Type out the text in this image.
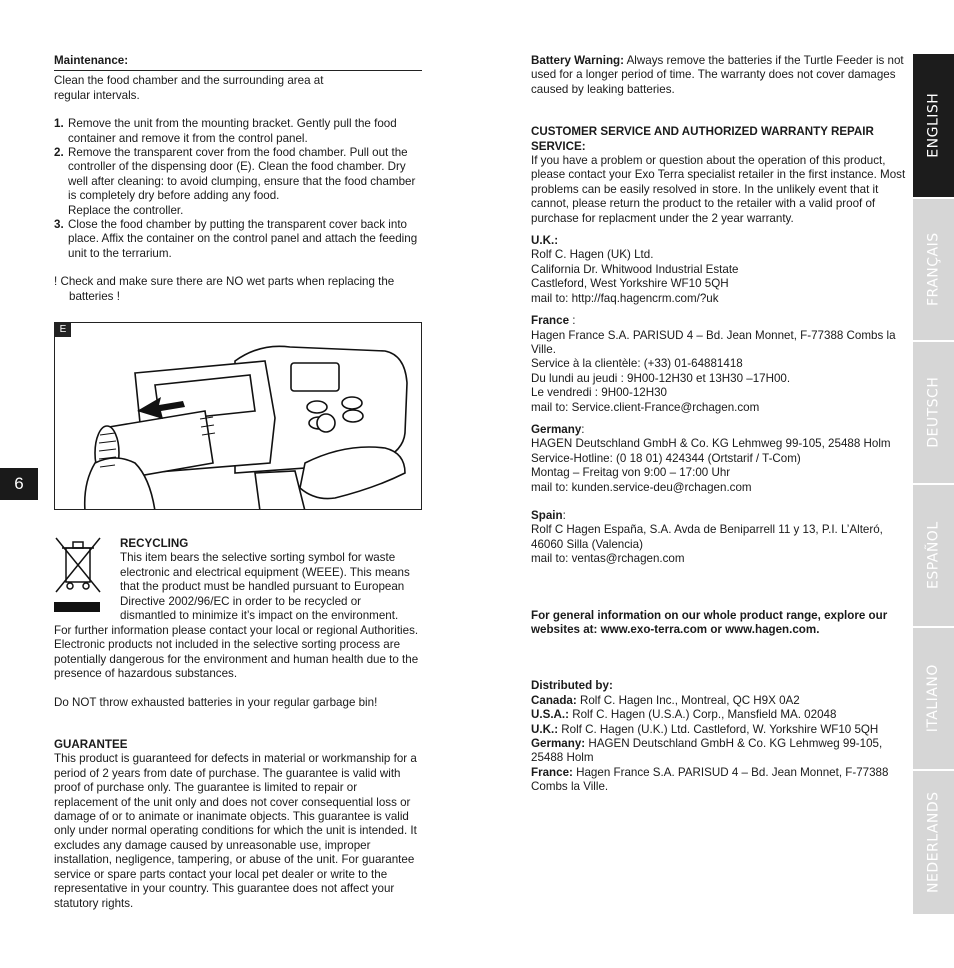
Maintenance:

Clean the food chamber and the surrounding area at regular intervals.

1. Remove the unit from the mounting bracket. Gently pull the food container and remove it from the control panel.
2. Remove the transparent cover from the food chamber. Pull out the controller of the dispensing door (E). Clean the food chamber. Dry well after cleaning: to avoid clumping, ensure that the food chamber is completely dry before adding any food.
Replace the controller.
3. Close the food chamber by putting the transparent cover back into place. Affix the container on the control panel and attach the feeding unit to the terrarium.

! Check and make sure there are NO wet parts when replacing the batteries !

E
6

RECYCLING

This item bears the selective sorting symbol for waste electronic and electrical equipment (WEEE). This means that the product must be handled pursuant to European Directive 2002/96/EC in order to be recycled or dismantled to minimize it’s impact on the environment.

For further information please contact your local or regional Authorities. Electronic products not included in the selective sorting process are potentially dangerous for the environment and human health due to the presence of hazardous substances.

Do NOT throw exhausted batteries in your regular garbage bin!

GUARANTEE

This product is guaranteed for defects in material or workmanship for a period of 2 years from date of purchase. The guarantee is valid with proof of purchase only. The guarantee is limited to repair or replacement of the unit only and does not cover consequential loss or damage of or to animate or inanimate objects. This guarantee is valid only under normal operating conditions for which the unit is intended. It excludes any damage caused by unreasonable use, improper installation, negligence, tampering, or abuse of the unit. For guarantee service or spare parts contact your local pet dealer or write to the representative in your country. This guarantee does not affect your statutory rights.

Battery Warning: Always remove the batteries if the Turtle Feeder is not used for a longer period of time. The warranty does not cover damages caused by leaking batteries.

CUSTOMER SERVICE AND AUTHORIZED WARRANTY REPAIR SERVICE:

If you have a problem or question about the operation of this product, please contact your Exo Terra specialist retailer in the first instance. Most problems can be easily resolved in store. In the unlikely event that it cannot, please return the product to the retailer with a valid proof of purchase for replacment under the 2 year warranty.

U.K.:

Rolf C. Hagen (UK) Ltd.

California Dr. Whitwood Industrial Estate

Castleford, West Yorkshire WF10 5QH

mail to: http://faq.hagencrm.com/?uk

France :

Hagen France S.A. PARISUD 4 – Bd. Jean Monnet, F-77388 Combs la Ville.

Service à la clientèle: (+33) 01-64881418

Du lundi au jeudi : 9H00-12H30 et 13H30 –17H00.

Le vendredi : 9H00-12H30

mail to: Service.client-France@rchagen.com

Germany:

HAGEN Deutschland GmbH & Co. KG Lehmweg 99-105, 25488 Holm

Service-Hotline: (0 18 01) 424344 (Ortstarif / T-Com)

Montag – Freitag von 9:00 – 17:00 Uhr

mail to: kunden.service-deu@rchagen.com

Spain:

Rolf C Hagen España, S.A. Avda de Beniparrell 11 y 13, P.I. L’Alteró, 46060 Silla (Valencia)

mail to: ventas@rchagen.com

For general information on our whole product range, explore our websites at: www.exo-terra.com or www.hagen.com.

Distributed by:

Canada: Rolf C. Hagen Inc., Montreal, QC H9X 0A2

U.S.A.: Rolf C. Hagen (U.S.A.) Corp., Mansfield MA. 02048

U.K.: Rolf C. Hagen (U.K.) Ltd. Castleford, W. Yorkshire WF10 5QH

Germany: HAGEN Deutschland GmbH & Co. KG Lehmweg 99-105, 25488 Holm

France: Hagen France S.A. PARISUD 4 – Bd. Jean Monnet, F-77388 Combs la Ville.

ENGLISH
FRANÇAIS
DEUTSCH
ESPAÑOL
ITALIANO
NEDERLANDS
